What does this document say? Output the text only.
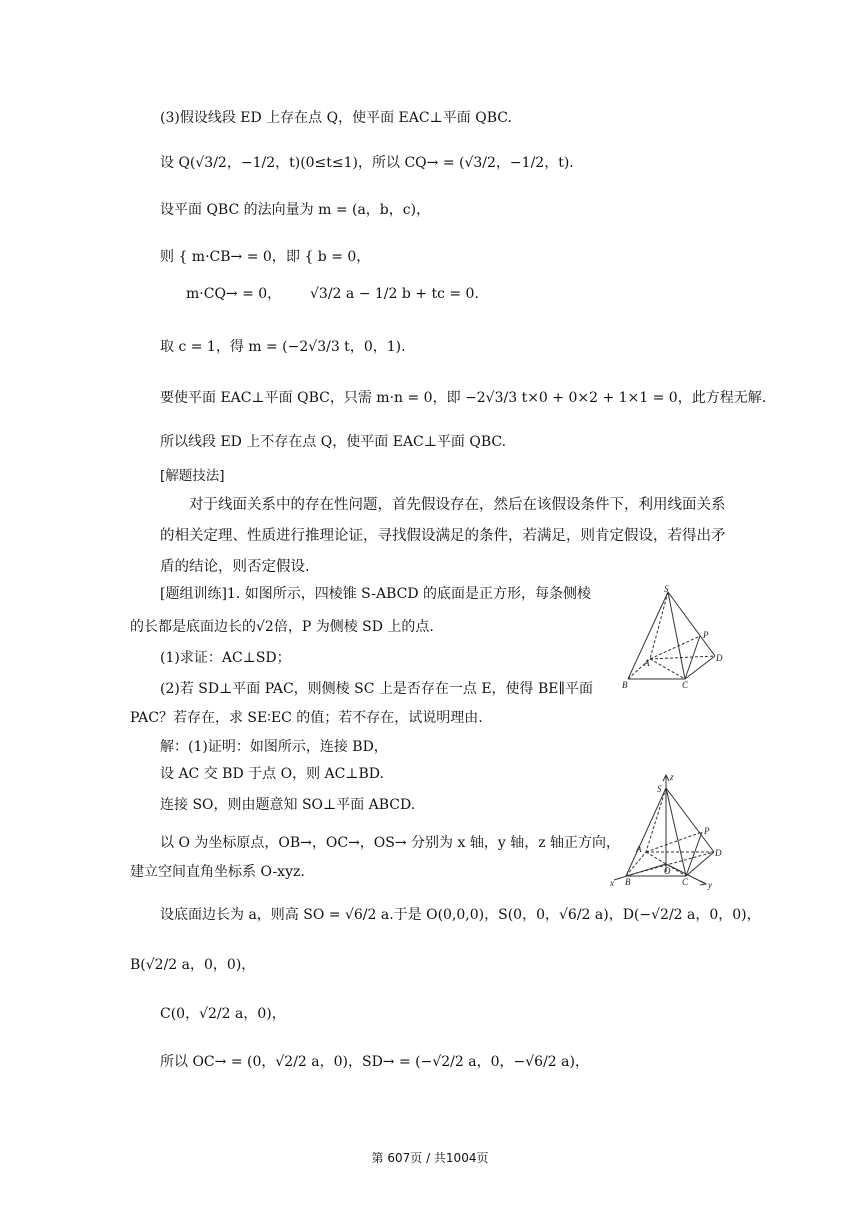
(3)假设线段 ED 上存在点 Q，使平面 EAC⊥平面 QBC.
设 Q(√3/2，−1/2，t)(0≤t≤1)，所以 CQ→ = (√3/2，−1/2，t).
设平面 QBC 的法向量为 m = (a，b，c)，
则 { m·CB→ = 0，
m·CQ→ = 0，
即 { b = 0，
√3/2 a − 1/2 b + tc = 0.
取 c = 1，得 m = (−2√3/3 t，0，1).
要使平面 EAC⊥平面 QBC，只需 m·n = 0，即 −2√3/3 t×0 + 0×2 + 1×1 = 0，此方程无解.
所以线段 ED 上不存在点 Q，使平面 EAC⊥平面 QBC.
[解题技法]
对于线面关系中的存在性问题，首先假设存在，然后在该假设条件下，利用线面关系的相关定理、性质进行推理论证，寻找假设满足的条件，若满足，则肯定假设，若得出矛盾的结论，则否定假设.
[题组训练]1. 如图所示，四棱锥 S-ABCD 的底面是正方形，每条侧棱
的长都是底面边长的√2倍，P 为侧棱 SD 上的点.
(1)求证：AC⊥SD；
(2)若 SD⊥平面 PAC，则侧棱 SC 上是否存在一点 E，使得 BE∥平面
PAC？若存在，求 SE∶EC 的值；若不存在，试说明理由.
S
P
A	D
B	C
解：(1)证明：如图所示，连接 BD，
设 AC 交 BD 于点 O，则 AC⊥BD.
连接 SO，则由题意知 SO⊥平面 ABCD.
以 O 为坐标原点，OB→，OC→，OS→ 分别为 x 轴，y 轴，z 轴正方向，
建立空间直角坐标系 O-xyz.
z
S
P
A
O
D
x B	C y
设底面边长为 a，则高 SO = √6/2 a.于是 O(0,0,0)，S(0，0，√6/2 a)，D(−√2/2 a，0，0)，
B(√2/2 a，0，0)，
C(0，√2/2 a，0)，
所以 OC→ = (0，√2/2 a，0)，SD→ = (−√2/2 a，0，−√6/2 a)，
第 607页 / 共1004页
